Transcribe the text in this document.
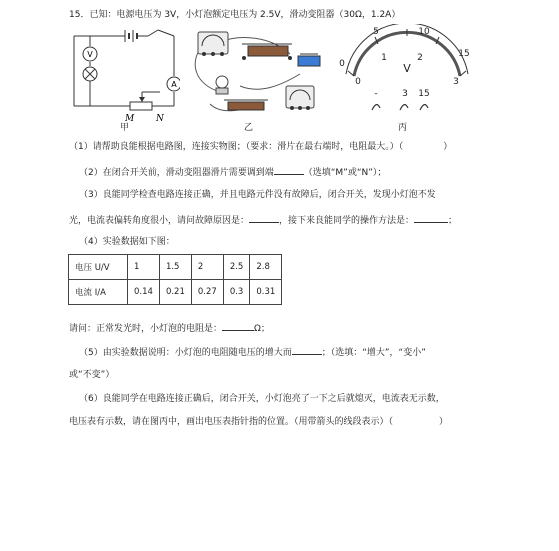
15．已知：电源电压为 3V，小灯泡额定电压为 2.5V，滑动变阻器（30Ω，1.2A）
V
A
M N
甲	乙
0
5	10
15
0
1	2
3
V
-	3 15
丙
（1）请帮助良能根据电路图，连接实物图；（要求：滑片在最右端时，电阻最大。）（	）
（2）在闭合开关前，滑动变阻器滑片需要调到端	（选填“M”或“N”）；
（3）良能同学检查电路连接正确，并且电路元件没有故障后，闭合开关，发现小灯泡不发
光，电流表偏转角度很小，请问故障原因是：	，接下来良能同学的操作方法是：	；
（4）实验数据如下图：
电压 U/V	1	1.5	2	2.5	2.8
电流 I/A	0.14	0.21	0.27	0.3	0.31
请问：正常发光时，小灯泡的电阻是：	Ω；
（5）由实验数据说明：小灯泡的电阻随电压的增大而	；（选填：“增大”，“变小”
或“不变”）
（6）良能同学在电路连接正确后，闭合开关，小灯泡亮了一下之后就熄灭，电流表无示数，
电压表有示数，请在图丙中，画出电压表指针指的位置。（用带箭头的线段表示）（	）
